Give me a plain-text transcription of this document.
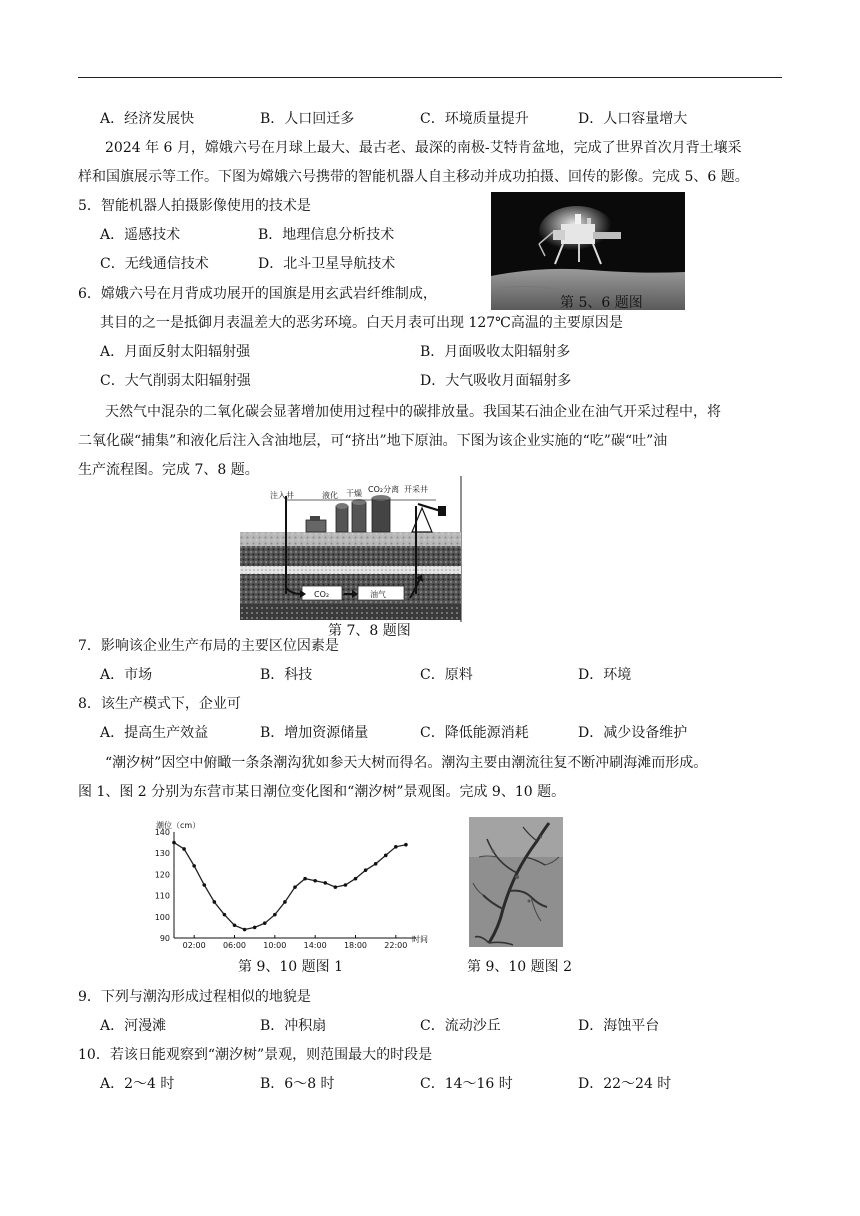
A．经济发展快	B．人口回迁多	C．环境质量提升	D．人口容量增大
2024 年 6 月，嫦娥六号在月球上最大、最古老、最深的南极-艾特肯盆地，完成了世界首次月背土壤采
样和国旗展示等工作。下图为嫦娥六号携带的智能机器人自主移动并成功拍摄、回传的影像。完成 5、6 题。
5．智能机器人拍摄影像使用的技术是
A．遥感技术	B．地理信息分析技术
C．无线通信技术	D．北斗卫星导航技术
第 5、6 题图
6．嫦娥六号在月背成功展开的国旗是用玄武岩纤维制成，
其目的之一是抵御月表温差大的恶劣环境。白天月表可出现 127℃高温的主要原因是
A．月面反射太阳辐射强	B．月面吸收太阳辐射多
C．大气削弱太阳辐射强	D．大气吸收月面辐射多
天然气中混杂的二氧化碳会显著增加使用过程中的碳排放量。我国某石油企业在油气开采过程中，将
二氧化碳“捕集”和液化后注入含油地层，可“挤出”地下原油。下图为该企业实施的“吃”碳“吐”油
生产流程图。完成 7、8 题。
注入井	液化 干燥 CO₂分离 开采井
CO₂	油气
第 7、8 题图
7．影响该企业生产布局的主要区位因素是
A．市场	B．科技	C．原料	D．环境
8．该生产模式下，企业可
A．提高生产效益	B．增加资源储量	C．降低能源消耗	D．减少设备维护
“潮汐树”因空中俯瞰一条条潮沟犹如参天大树而得名。潮沟主要由潮流往复不断冲刷海滩而形成。
图 1、图 2 分别为东营市某日潮位变化图和“潮汐树”景观图。完成 9、10 题。
潮位（cm）
时间
90
100
110
120
130
140
02:00 06:00 10:00 14:00 18:00 22:00
第 9、10 题图 1	第 9、10 题图 2
9．下列与潮沟形成过程相似的地貌是
A．河漫滩	B．冲积扇	C．流动沙丘	D．海蚀平台
10．若该日能观察到“潮汐树”景观，则范围最大的时段是
A．2～4 时	B．6～8 时	C．14～16 时	D．22～24 时
